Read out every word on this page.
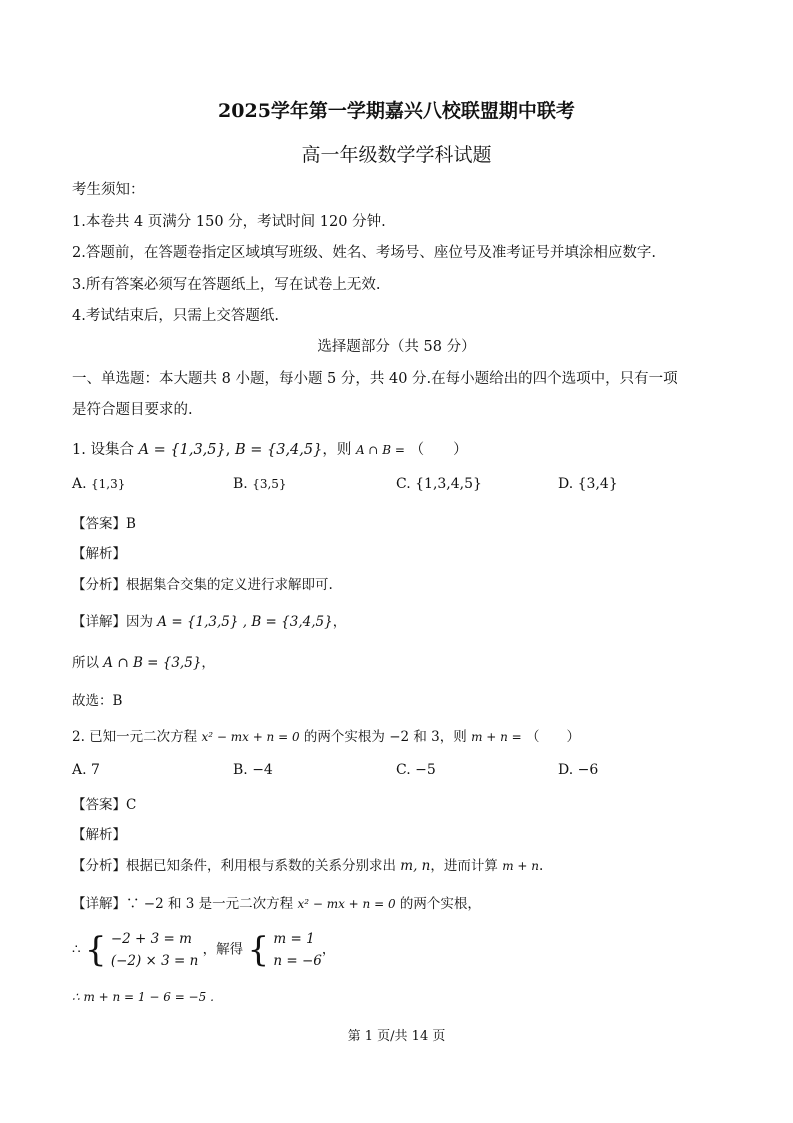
2025学年第一学期嘉兴八校联盟期中联考
高一年级数学学科试题
考生须知：
1.本卷共 4 页满分 150 分，考试时间 120 分钟.
2.答题前，在答题卷指定区域填写班级、姓名、考场号、座位号及准考证号并填涂相应数字.
3.所有答案必须写在答题纸上，写在试卷上无效.
4.考试结束后，只需上交答题纸.
选择题部分（共 58 分）
一、单选题：本大题共 8 小题，每小题 5 分，共 40 分.在每小题给出的四个选项中，只有一项
是符合题目要求的.
1. 设集合 A = {1,3,5}, B = {3,4,5}，则 A ∩ B = （　　）
A. {1,3}	B. {3,5}	C. {1,3,4,5}	D. {3,4}
【答案】B
【解析】
【分析】根据集合交集的定义进行求解即可.
【详解】因为 A = {1,3,5} , B = {3,4,5}，
所以 A ∩ B = {3,5}，
故选：B
2. 已知一元二次方程 x² − mx + n = 0 的两个实根为 −2 和 3，则 m + n = （　　）
A. 7	B. −4	C. −5	D. −6
【答案】C
【解析】
【分析】根据已知条件，利用根与系数的关系分别求出 m, n，进而计算 m + n.
【详解】∵ −2 和 3 是一元二次方程 x² − mx + n = 0 的两个实根，
∴ { −2 + 3 = m
(−2) × 3 = n
，解得 { m = 1
n = −6
，
∴ m + n = 1 − 6 = −5 .
第 1 页/共 14 页
